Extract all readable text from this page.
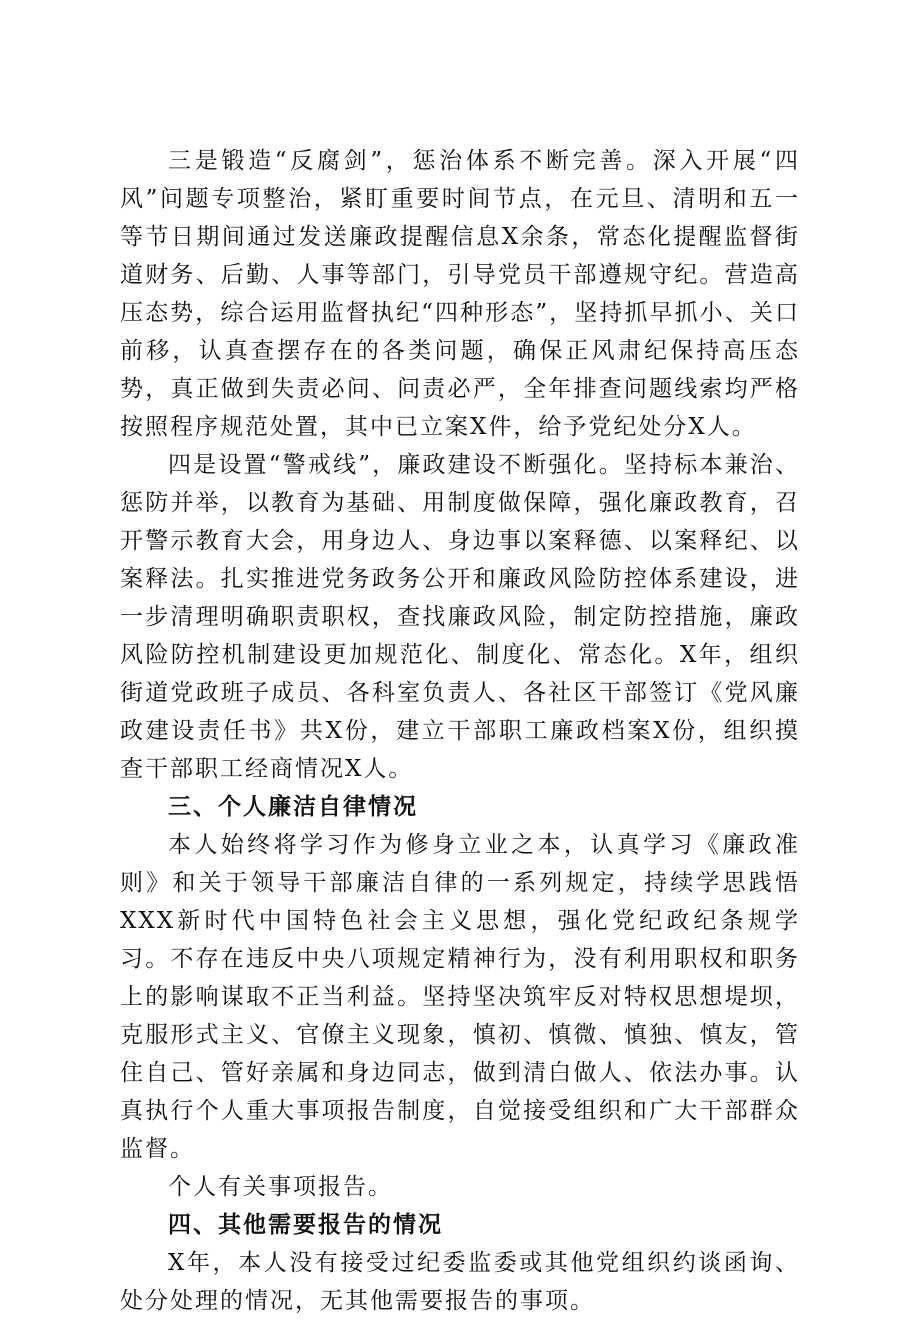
三是锻造“反腐剑”，惩治体系不断完善。深入开展“四风”问题专项整治，紧盯重要时间节点，在元旦、清明和五一等节日期间通过发送廉政提醒信息X余条，常态化提醒监督街道财务、后勤、人事等部门，引导党员干部遵规守纪。营造高压态势，综合运用监督执纪“四种形态”，坚持抓早抓小、关口前移，认真查摆存在的各类问题，确保正风肃纪保持高压态势，真正做到失责必问、问责必严，全年排查问题线索均严格按照程序规范处置，其中已立案X件，给予党纪处分X人。

四是设置“警戒线”，廉政建设不断强化。坚持标本兼治、惩防并举，以教育为基础、用制度做保障，强化廉政教育，召开警示教育大会，用身边人、身边事以案释德、以案释纪、以案释法。扎实推进党务政务公开和廉政风险防控体系建设，进一步清理明确职责职权，查找廉政风险，制定防控措施，廉政风险防控机制建设更加规范化、制度化、常态化。X年，组织街道党政班子成员、各科室负责人、各社区干部签订《党风廉政建设责任书》共X份，建立干部职工廉政档案X份，组织摸查干部职工经商情况X人。

三、个人廉洁自律情况

本人始终将学习作为修身立业之本，认真学习《廉政准则》和关于领导干部廉洁自律的一系列规定，持续学思践悟XXX新时代中国特色社会主义思想，强化党纪政纪条规学习。不存在违反中央八项规定精神行为，没有利用职权和职务上的影响谋取不正当利益。坚持坚决筑牢反对特权思想堤坝，克服形式主义、官僚主义现象，慎初、慎微、慎独、慎友，管住自己、管好亲属和身边同志，做到清白做人、依法办事。认真执行个人重大事项报告制度，自觉接受组织和广大干部群众监督。

个人有关事项报告。

四、其他需要报告的情况

X年，本人没有接受过纪委监委或其他党组织约谈函询、处分处理的情况，无其他需要报告的事项。
